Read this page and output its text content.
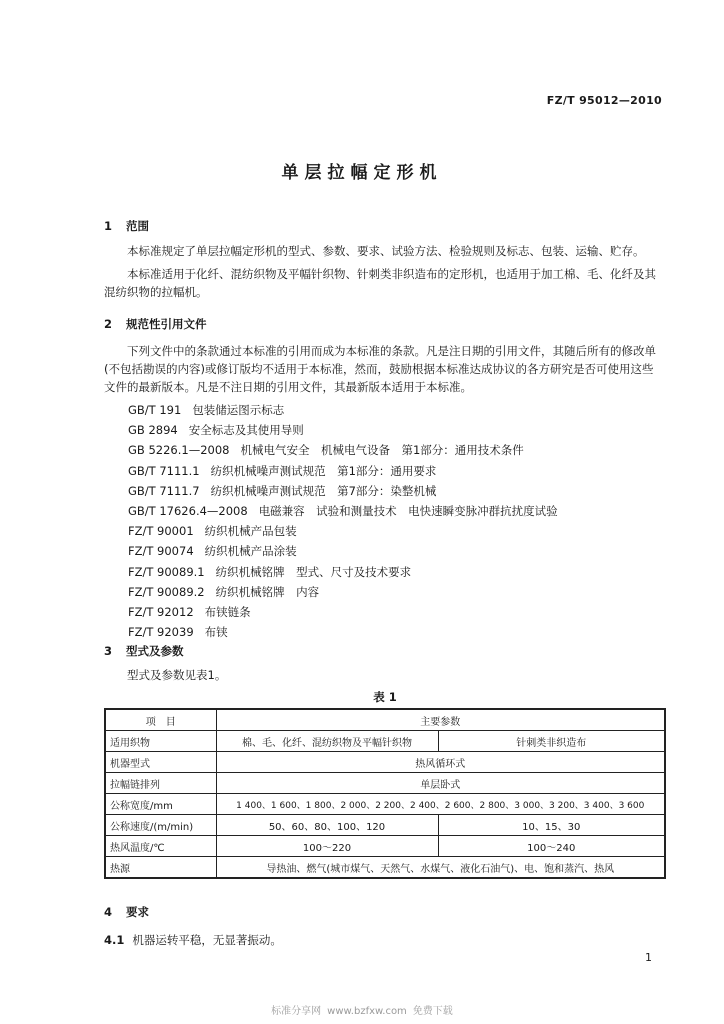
FZ/T 95012—2010
单层拉幅定形机
1 范围

本标准规定了单层拉幅定形机的型式、参数、要求、试验方法、检验规则及标志、包装、运输、贮存。

本标准适用于化纤、混纺织物及平幅针织物、针刺类非织造布的定形机，也适用于加工棉、毛、化纤及其混纺织物的拉幅机。

2 规范性引用文件

下列文件中的条款通过本标准的引用而成为本标准的条款。凡是注日期的引用文件，其随后所有的修改单(不包括勘误的内容)或修订版均不适用于本标准，然而，鼓励根据本标准达成协议的各方研究是否可使用这些文件的最新版本。凡是不注日期的引用文件，其最新版本适用于本标准。

GB/T 191 包装储运图示标志
GB 2894 安全标志及其使用导则
GB 5226.1—2008 机械电气安全　机械电气设备　第1部分：通用技术条件
GB/T 7111.1 纺织机械噪声测试规范　第1部分：通用要求
GB/T 7111.7 纺织机械噪声测试规范　第7部分：染整机械
GB/T 17626.4—2008 电磁兼容　试验和测量技术　电快速瞬变脉冲群抗扰度试验
FZ/T 90001 纺织机械产品包装
FZ/T 90074 纺织机械产品涂装
FZ/T 90089.1 纺织机械铭牌　型式、尺寸及技术要求
FZ/T 90089.2 纺织机械铭牌　内容
FZ/T 92012 布铗链条
FZ/T 92039 布铗
3 型式及参数

型式及参数见表1。

表 1
项　目	主要参数	
适用织物	棉、毛、化纤、混纺织物及平幅针织物	针刺类非织造布
机器型式	热风循环式	
拉幅链排列	单层卧式	
公称宽度/mm	1 400、1 600、1 800、2 000、2 200、2 400、2 600、2 800、3 000、3 200、3 400、3 600	
公称速度/(m/min)	50、60、80、100、120	10、15、30
热风温度/℃	100～220	100～240
热源	导热油、燃气(城市煤气、天然气、水煤气、液化石油气)、电、饱和蒸汽、热风	
4 要求
4.1 机器运转平稳，无显著振动。
1
标准分享网 www.bzfxw.com 免费下载
